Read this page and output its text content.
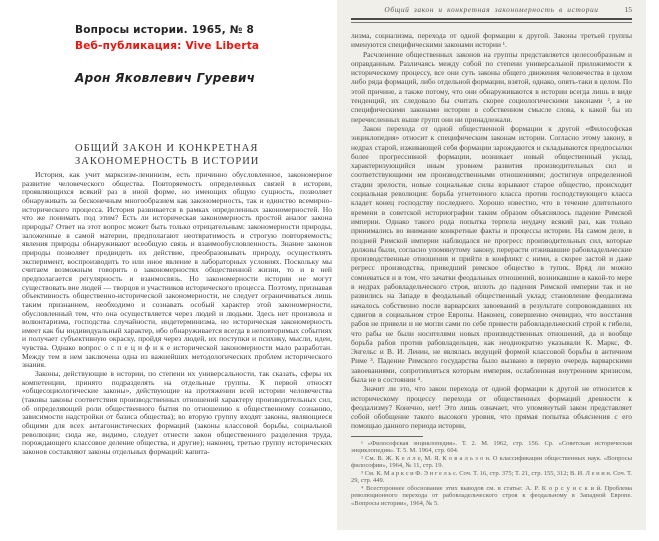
Вопросы истории. 1965, № 8
Веб-публикация: Vive Liberta
Арон Яковлевич Гуревич
ОБЩИЙ ЗАКОН И КОНКРЕТНАЯ
ЗАКОНОМЕРНОСТЬ В ИСТОРИИ

История, как учит марксизм-ленинизм, есть причинно обусловленное, закономерное развитие человеческого общества. Повторяемость определенных связей в истории, проявляющихся всякий раз в иной форме, но имеющих общую сущность, позволяет обнаруживать за бесконечным многообразием как закономерность, так и единство всемирно-исторического процесса. История развивается в рамках определенных закономерностей. Но что же понимать под этим? Есть ли историческая закономерность простой аналог закона природы? Ответ на этот вопрос может быть только отрицательным: закономерности природы, заложенные в самой материи, предполагают неотвратимость и строгую повторяемость; явления природы обнаруживают всеобщую связь и взаимообусловленность. Знание законов природы позволяет предвидеть их действие, преобразовывать природу, осуществлять эксперимент, воспроизводить то или иное явление в лабораторных условиях. Поскольку мы считаем возможным говорить о закономерностях общественной жизни, то и в ней предполагается регулярность и взаимосвязь. Но закономерности истории не могут существовать вне людей — творцов и участников исторического процесса. Поэтому, признавая объективность общественно-исторической закономерности, не следует ограничиваться лишь таким признанием, необходимо и сознавать особый характер этой закономерности, обусловленный тем, что она осуществляется через людей и людьми. Здесь нет произвола и волюнтаризма, господства случайности, индетерминизма, но историческая закономерность имеет как бы индивидуальный характер, ибо обнаруживается всегда в неповторимых событиях и получает субъективную окраску, пройдя через людей, их поступки и психику, мысли, идеи, чувства. Однако вопрос о с п е ц и ф и к е исторической закономерности мало разработан. Между тем в нем заключена одна из важнейших методологических проблем исторического знания.

Законы, действующие в истории, по степени их универсальности, так сказать, сферы их компетенции, принято подразделять на отдельные группы. К первой относят «общесоциологические законы», действующие на протяжении всей истории человечества (таковы законы соответствия производственных отношений характеру производительных сил, об определяющей роли общественного бытия по отношению к общественному сознанию, зависимости надстройки от базиса общества); во вторую группу входят законы, являющиеся общими для всех антагонистических формаций (законы классовой борьбы, социальной революции; сюда же, видимо, следует отнести закон общественного разделения труда, порождающего классовое деление общества, и другие); наконец, третью группу исторических законов составляют законы отдельных формаций: капита-

Общий закон и конкретная закономерность в истории	15

лизма, социализма, перехода от одной формации к другой. Законы третьей группы именуются специфическими законами истории ¹.

Расчленение общественных законов на группы представляется целесообразным и оправданным. Различаясь между собой по степени универсальной приложимости к историческому процессу, все они суть законы общего движения человечества в целом либо ряда формаций, либо отдельной формации, взятой, однако, опять-таки в целом. По этой причине, а также потому, что они обнаруживаются в истории всегда лишь в виде тенденций, их следовало бы считать скорее социологическими законами ², а не специфическими законами истории в собственном смысле слова, к какой бы из перечисленных выше групп они ни принадлежали.

Закон перехода от одной общественной формации к другой «Философская энциклопедия» относит к специфическим законам истории. Согласно этому закону, в недрах старой, изживающей себя формации зарождаются и складываются предпосылки более прогрессивной формации, возникает новый общественный уклад, характеризующийся иным уровнем развития производительных сил и соответствующими им производственными отношениями; достигнув определенной стадии зрелости, новые социальные силы взрывают старое общество, происходит социальная революция: борьба угнетенного класса против господствующего класса кладет конец господству последнего. Хорошо известно, что в течение длительного времени в советской историографии таким образом объяснялось падение Римской империи. Однако такого рода попытка терпела неудачу всякий раз, как только принимались во внимание конкретные факты и процессы истории. На самом деле, в поздней Римской империи наблюдался не прогресс производительных сил, которые должны были, согласно упомянутому закону, перерасти отживавшие рабовладельческие производственные отношения и прийти в конфликт с ними, а скорее застой и даже регресс производства, приведший римское общество в тупик. Вряд ли можно сомневаться и в том, что зачатки феодальных отношений, возникавшие в какой-то мере в недрах рабовладельческого строя, вплоть до падения Римской империи так и не развились на Западе в феодальный общественный уклад; становление феодализма началось собственно после варварских завоеваний в результате сопровождавших их сдвигов в социальном строе Европы. Наконец, совершенно очевидно, что восстания рабов не привели и не могли сами по себе привести рабовладельческий строй к гибели, что рабы не были носителями новых производственных отношений, да и вообще борьба рабов против рабовладельцев, как неоднократно указывали К. Маркс, Ф. Энгельс и В. И. Ленин, не являлась ведущей формой классовой борьбы в античном Риме ³. Падение Римского государства было вызвано в первую очередь варварскими завоеваниями, сопротивляться которым империя, ослабленная внутренним кризисом, была не в состоянии ⁴.

Значит ли это, что закон перехода от одной формации к другой не относится к историческому процессу перехода от общественных формаций древности к феодализму? Конечно, нет! Это лишь означает, что упомянутый закон представляет собой обобщение такого высокого уровня, что прямая попытка объяснения с его помощью данного периода истории,

¹ «Философская энциклопедия». Т. 2. М. 1962, стр. 156. Ср. «Советская историческая энциклопедия». Т. 5. М. 1964, стр. 604.

² См. В. Ж. К е л л е, М. Я. К о в а л ь з о н. О классификации общественных наук. «Вопросы философии», 1964, № 11, стр. 19.

³ См. К. М а р к с и Ф. Э н г е л ь с. Соч. Т. 16, стр. 375; Т. 21, стр. 155, 312; В. И. Л е н и н. Соч. Т. 29, стр. 449.

⁴ Всестороннее обоснование этих выводов см. в статье: А. Р. К о р с у н с к и й. Проблема революционного перехода от рабовладельческого строя к феодальному в Западной Европе. «Вопросы истории», 1964, № 5.
